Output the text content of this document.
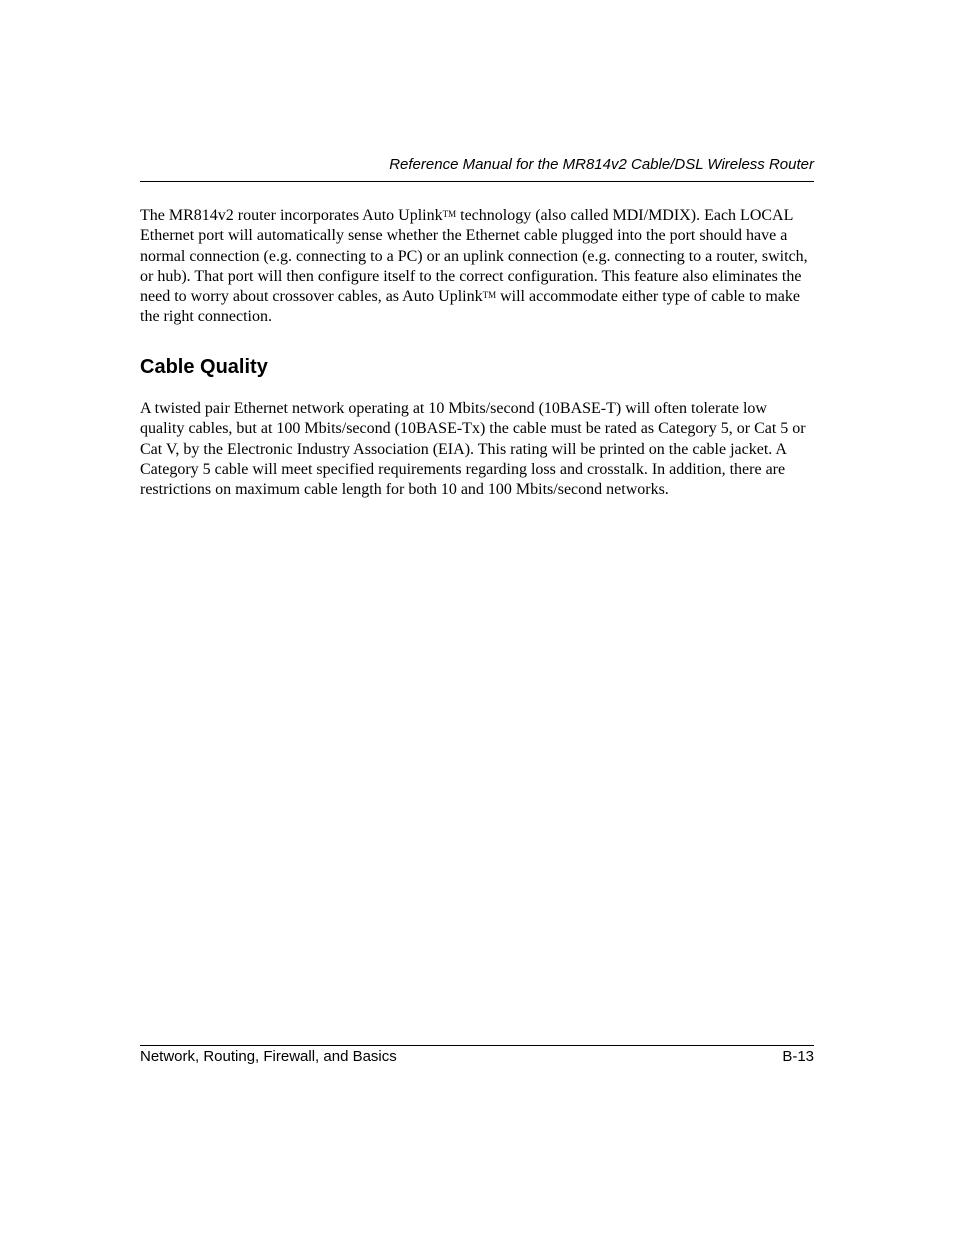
Reference Manual for the MR814v2 Cable/DSL Wireless Router

The MR814v2 router incorporates Auto UplinkTM technology (also called MDI/MDIX). Each LOCAL Ethernet port will automatically sense whether the Ethernet cable plugged into the port should have a normal connection (e.g. connecting to a PC) or an uplink connection (e.g. connecting to a router, switch, or hub). That port will then configure itself to the correct configuration. This feature also eliminates the need to worry about crossover cables, as Auto UplinkTM will accommodate either type of cable to make the right connection.

Cable Quality

A twisted pair Ethernet network operating at 10 Mbits/second (10BASE-T) will often tolerate low quality cables, but at 100 Mbits/second (10BASE-Tx) the cable must be rated as Category 5, or Cat 5 or Cat V, by the Electronic Industry Association (EIA). This rating will be printed on the cable jacket. A Category 5 cable will meet specified requirements regarding loss and crosstalk. In addition, there are restrictions on maximum cable length for both 10 and 100 Mbits/second networks.

Network, Routing, Firewall, and Basics	B-13
